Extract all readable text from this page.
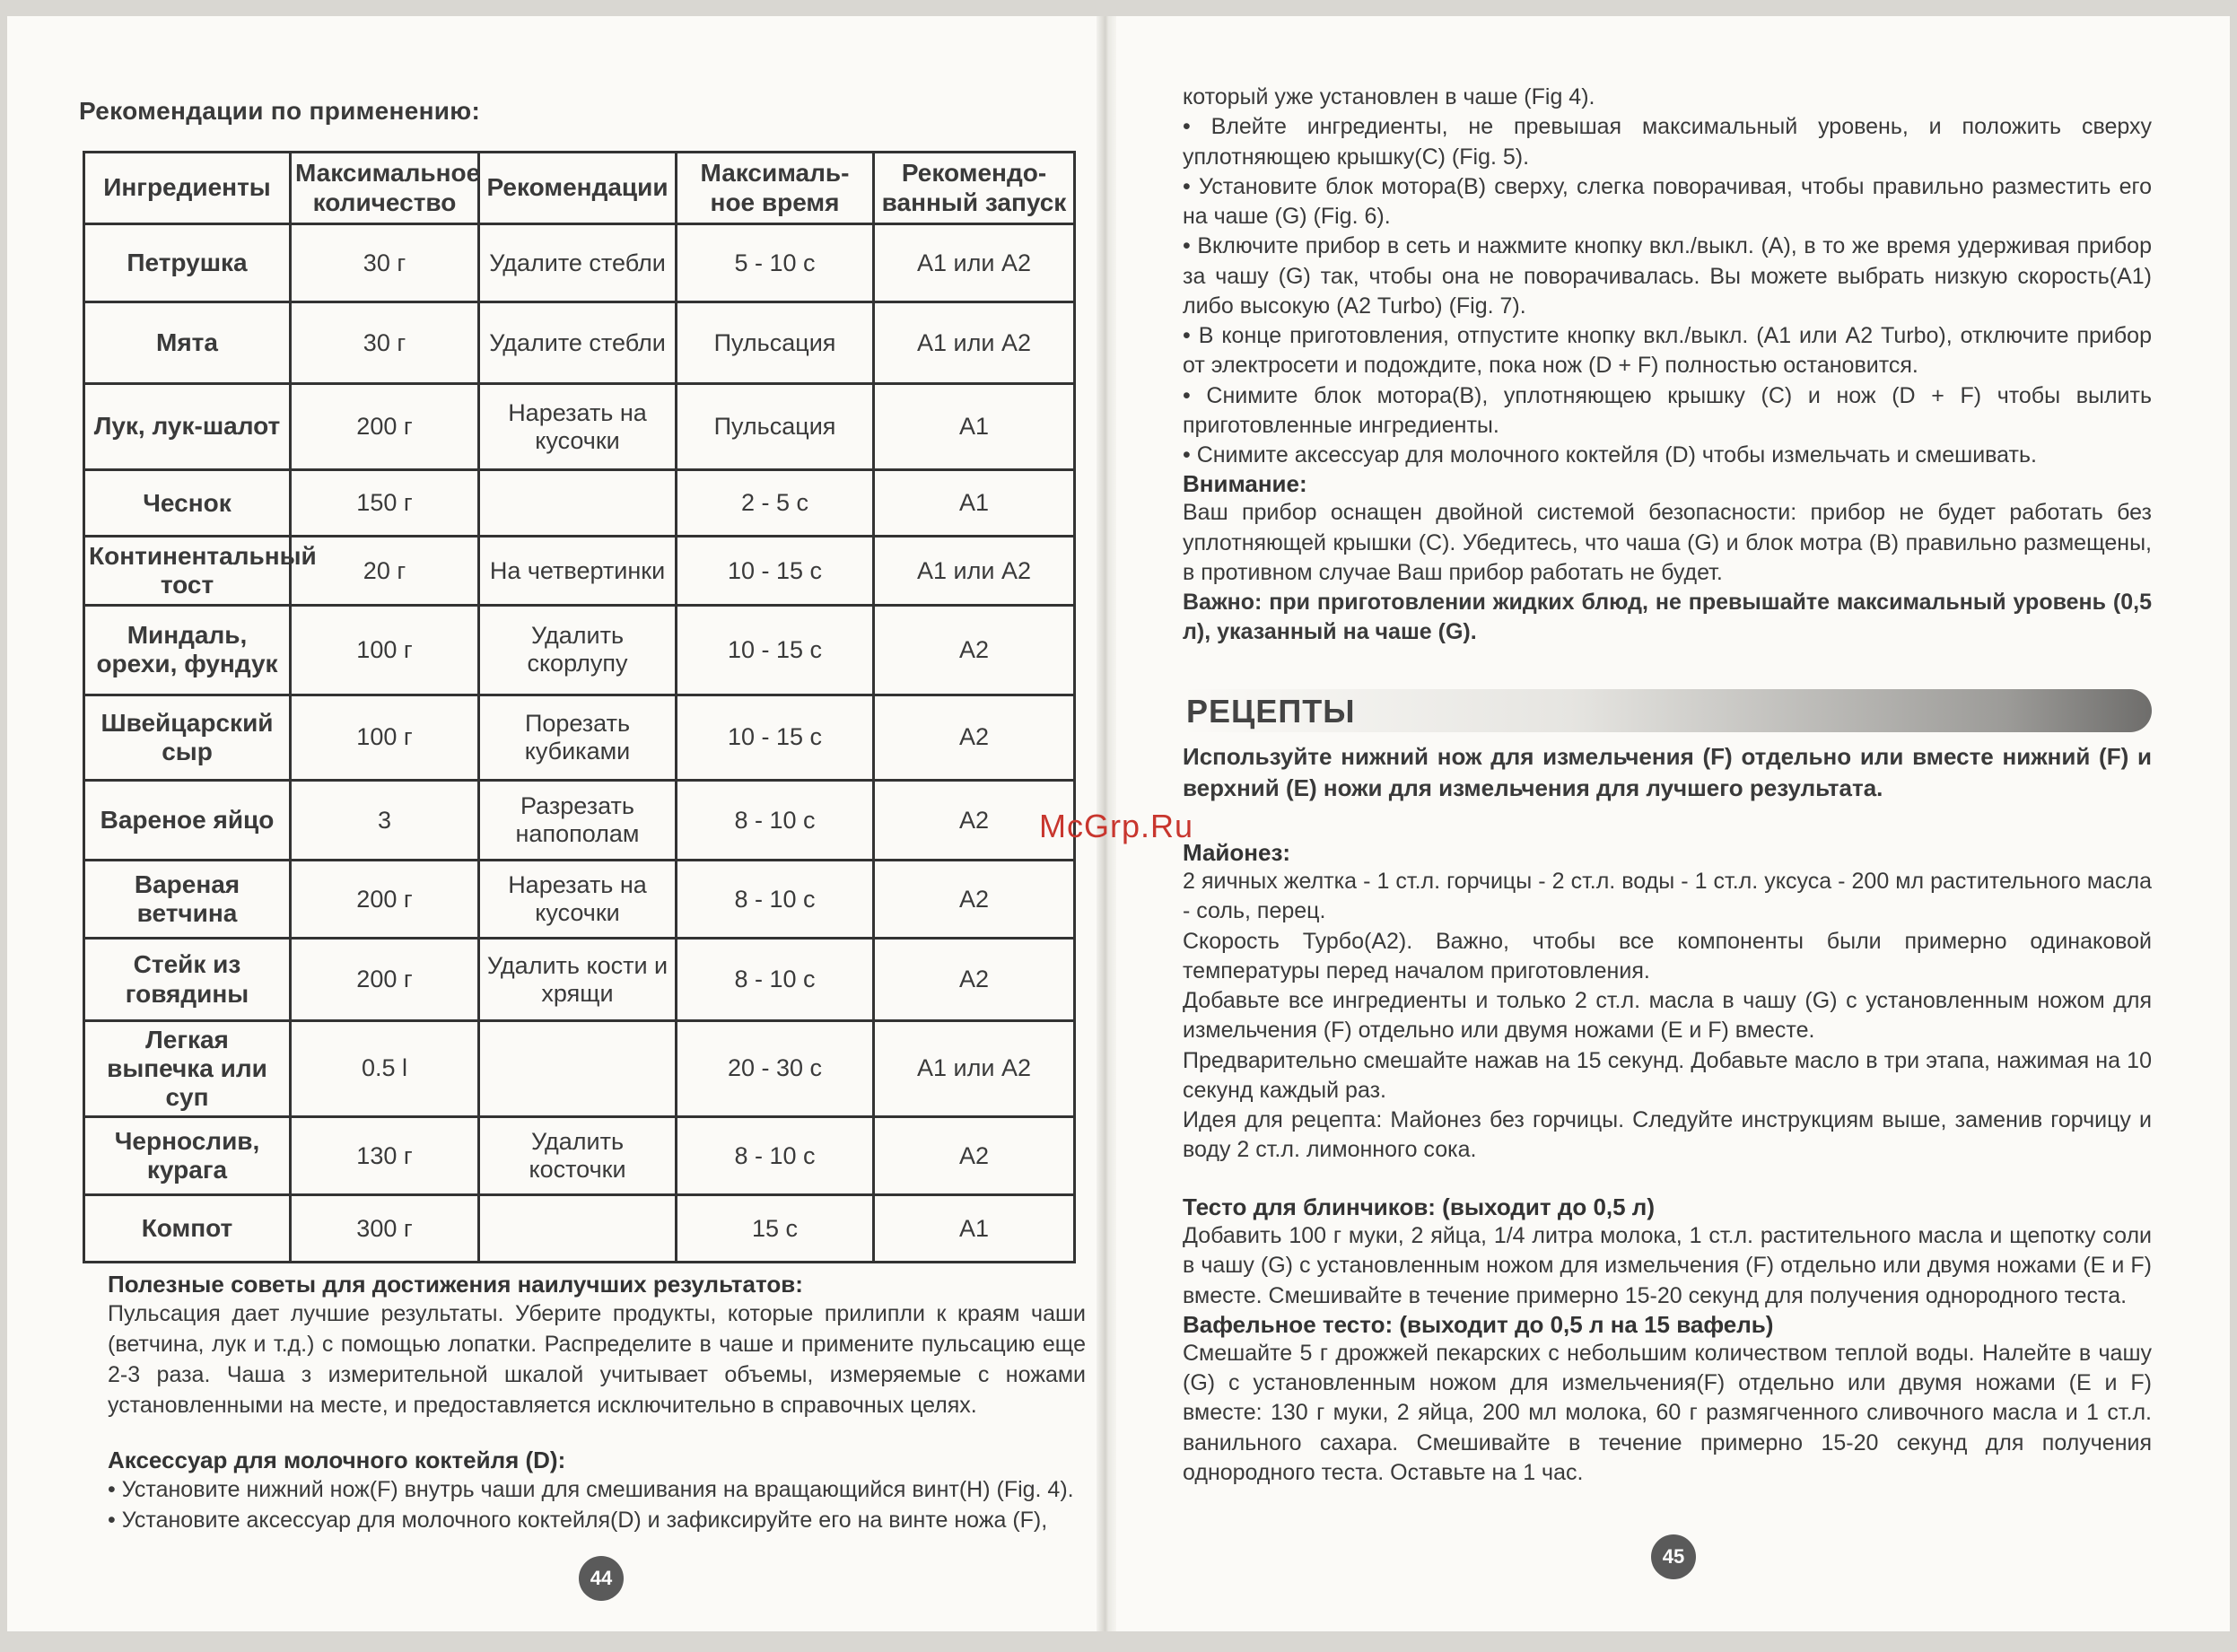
Рекомендации по применению:
Ингредиенты	Максимальное количество	Рекомендации	Максималь-ное время	Рекомендо-ванный запуск
Петрушка	30 г	Удалите стебли	5 - 10 с	А1 или А2
Мята	30 г	Удалите стебли	Пульсация	А1 или А2
Лук, лук-шалот	200 г	Нарезать на кусочки	Пульсация	А1
Чеснок	150 г		2 - 5 с	А1
Континентальный тост	20 г	На четвертинки	10 - 15 с	А1 или А2
Миндаль, орехи, фундук	100 г	Удалить скорлупу	10 - 15 с	А2
Швейцарский сыр	100 г	Порезать кубиками	10 - 15 с	А2
Вареное яйцо	3	Разрезать напополам	8 - 10 с	А2
Вареная ветчина	200 г	Нарезать на кусочки	8 - 10 с	А2
Стейк из говядины	200 г	Удалить кости и хрящи	8 - 10 с	А2
Легкая выпечка или суп	0.5 l		20 - 30 с	А1 или А2
Чернослив, курага	130 г	Удалить косточки	8 - 10 с	А2
Компот	300 г		15 с	А1
Полезные советы для достижения наилучших результатов:
Пульсация дает лучшие результаты. Уберите продукты, которые прилипли к краям чаши (ветчина, лук и т.д.) с помощью лопатки. Распределите в чаше и примените пульсацию еще 2-3 раза. Чаша з измерительной шкалой учитывает объемы, измеряемые с ножами установленными на месте, и предоставляется исключительно в справочных целях.
Аксессуар для молочного коктейля (D):
• Установите нижний нож(F) внутрь чаши для смешивания на вращающийся винт(H) (Fig. 4).
• Установите аксессуар для молочного коктейля(D) и зафиксируйте его на винте ножа (F),
44

который уже установлен в чаше (Fig 4).

• Влейте ингредиенты, не превышая максимальный уровень, и положить сверху уплотняющею крышку(C) (Fig. 5).

• Установите блок мотора(B) сверху, слегка поворачивая, чтобы правильно разместить его на чаше (G) (Fig. 6).

• Включите прибор в сеть и нажмите кнопку вкл./выкл. (А), в то же время удерживая прибор за чашу (G) так, чтобы она не поворачивалась. Вы можете выбрать низкую скорость(А1) либо высокую (А2 Turbo) (Fig. 7).

• В конце приготовления, отпустите кнопку вкл./выкл. (А1 или А2 Turbo), отключите прибор от электросети и подождите, пока нож (D + F) полностью остановится.

• Снимите блок мотора(B), уплотняющею крышку (C) и нож (D + F) чтобы вылить приготовленные ингредиенты.

• Снимите аксессуар для молочного коктейля (D) чтобы измельчать и смешивать.

Внимание:

Ваш прибор оснащен двойной системой безопасности: прибор не будет работать без уплотняющей крышки (C). Убедитесь, что чаша (G) и блок мотра (B) правильно размещены, в противном случае Ваш прибор работать не будет.

Важно: при приготовлении жидких блюд, не превышайте максимальный уровень (0,5 л), указанный на чаше (G).

РЕЦЕПТЫ

Используйте нижний нож для измельчения (F) отдельно или вместе нижний (F) и верхний (E) ножи для измельчения для лучшего результата.

McGrp.Ru

Майонез:

2 яичных желтка - 1 ст.л. горчицы - 2 ст.л. воды - 1 ст.л. уксуса - 200 мл растительного масла - соль, перец.

Скорость Турбо(А2). Важно, чтобы все компоненты были примерно одинаковой температуры перед началом приготовления.

Добавьте все ингредиенты и только 2 ст.л. масла в чашу (G) с установленным ножом для измельчения (F) отдельно или двумя ножами (E и F) вместе.

Предварительно смешайте нажав на 15 секунд. Добавьте масло в три этапа, нажимая на 10 секунд каждый раз.

Идея для рецепта: Майонез без горчицы. Следуйте инструкциям выше, заменив горчицу и воду 2 ст.л. лимонного сока.

Тесто для блинчиков: (выходит до 0,5 л)

Добавить 100 г муки, 2 яйца, 1/4 литра молока, 1 ст.л. растительного масла и щепотку соли в чашу (G) с установленным ножом для измельчения (F) отдельно или двумя ножами (E и F) вместе. Смешивайте в течение примерно 15-20 секунд для получения однородного теста.

Вафельное тесто: (выходит до 0,5 л на 15 вафель)

Смешайте 5 г дрожжей пекарских с небольшим количеством теплой воды. Налейте в чашу (G) с установленным ножом для измельчения(F) отдельно или двумя ножами (E и F) вместе: 130 г муки, 2 яйца, 200 мл молока, 60 г размягченного сливочного масла и 1 ст.л. ванильного сахара. Смешивайте в течение примерно 15-20 секунд для получения однородного теста. Оставьте на 1 час.

45
